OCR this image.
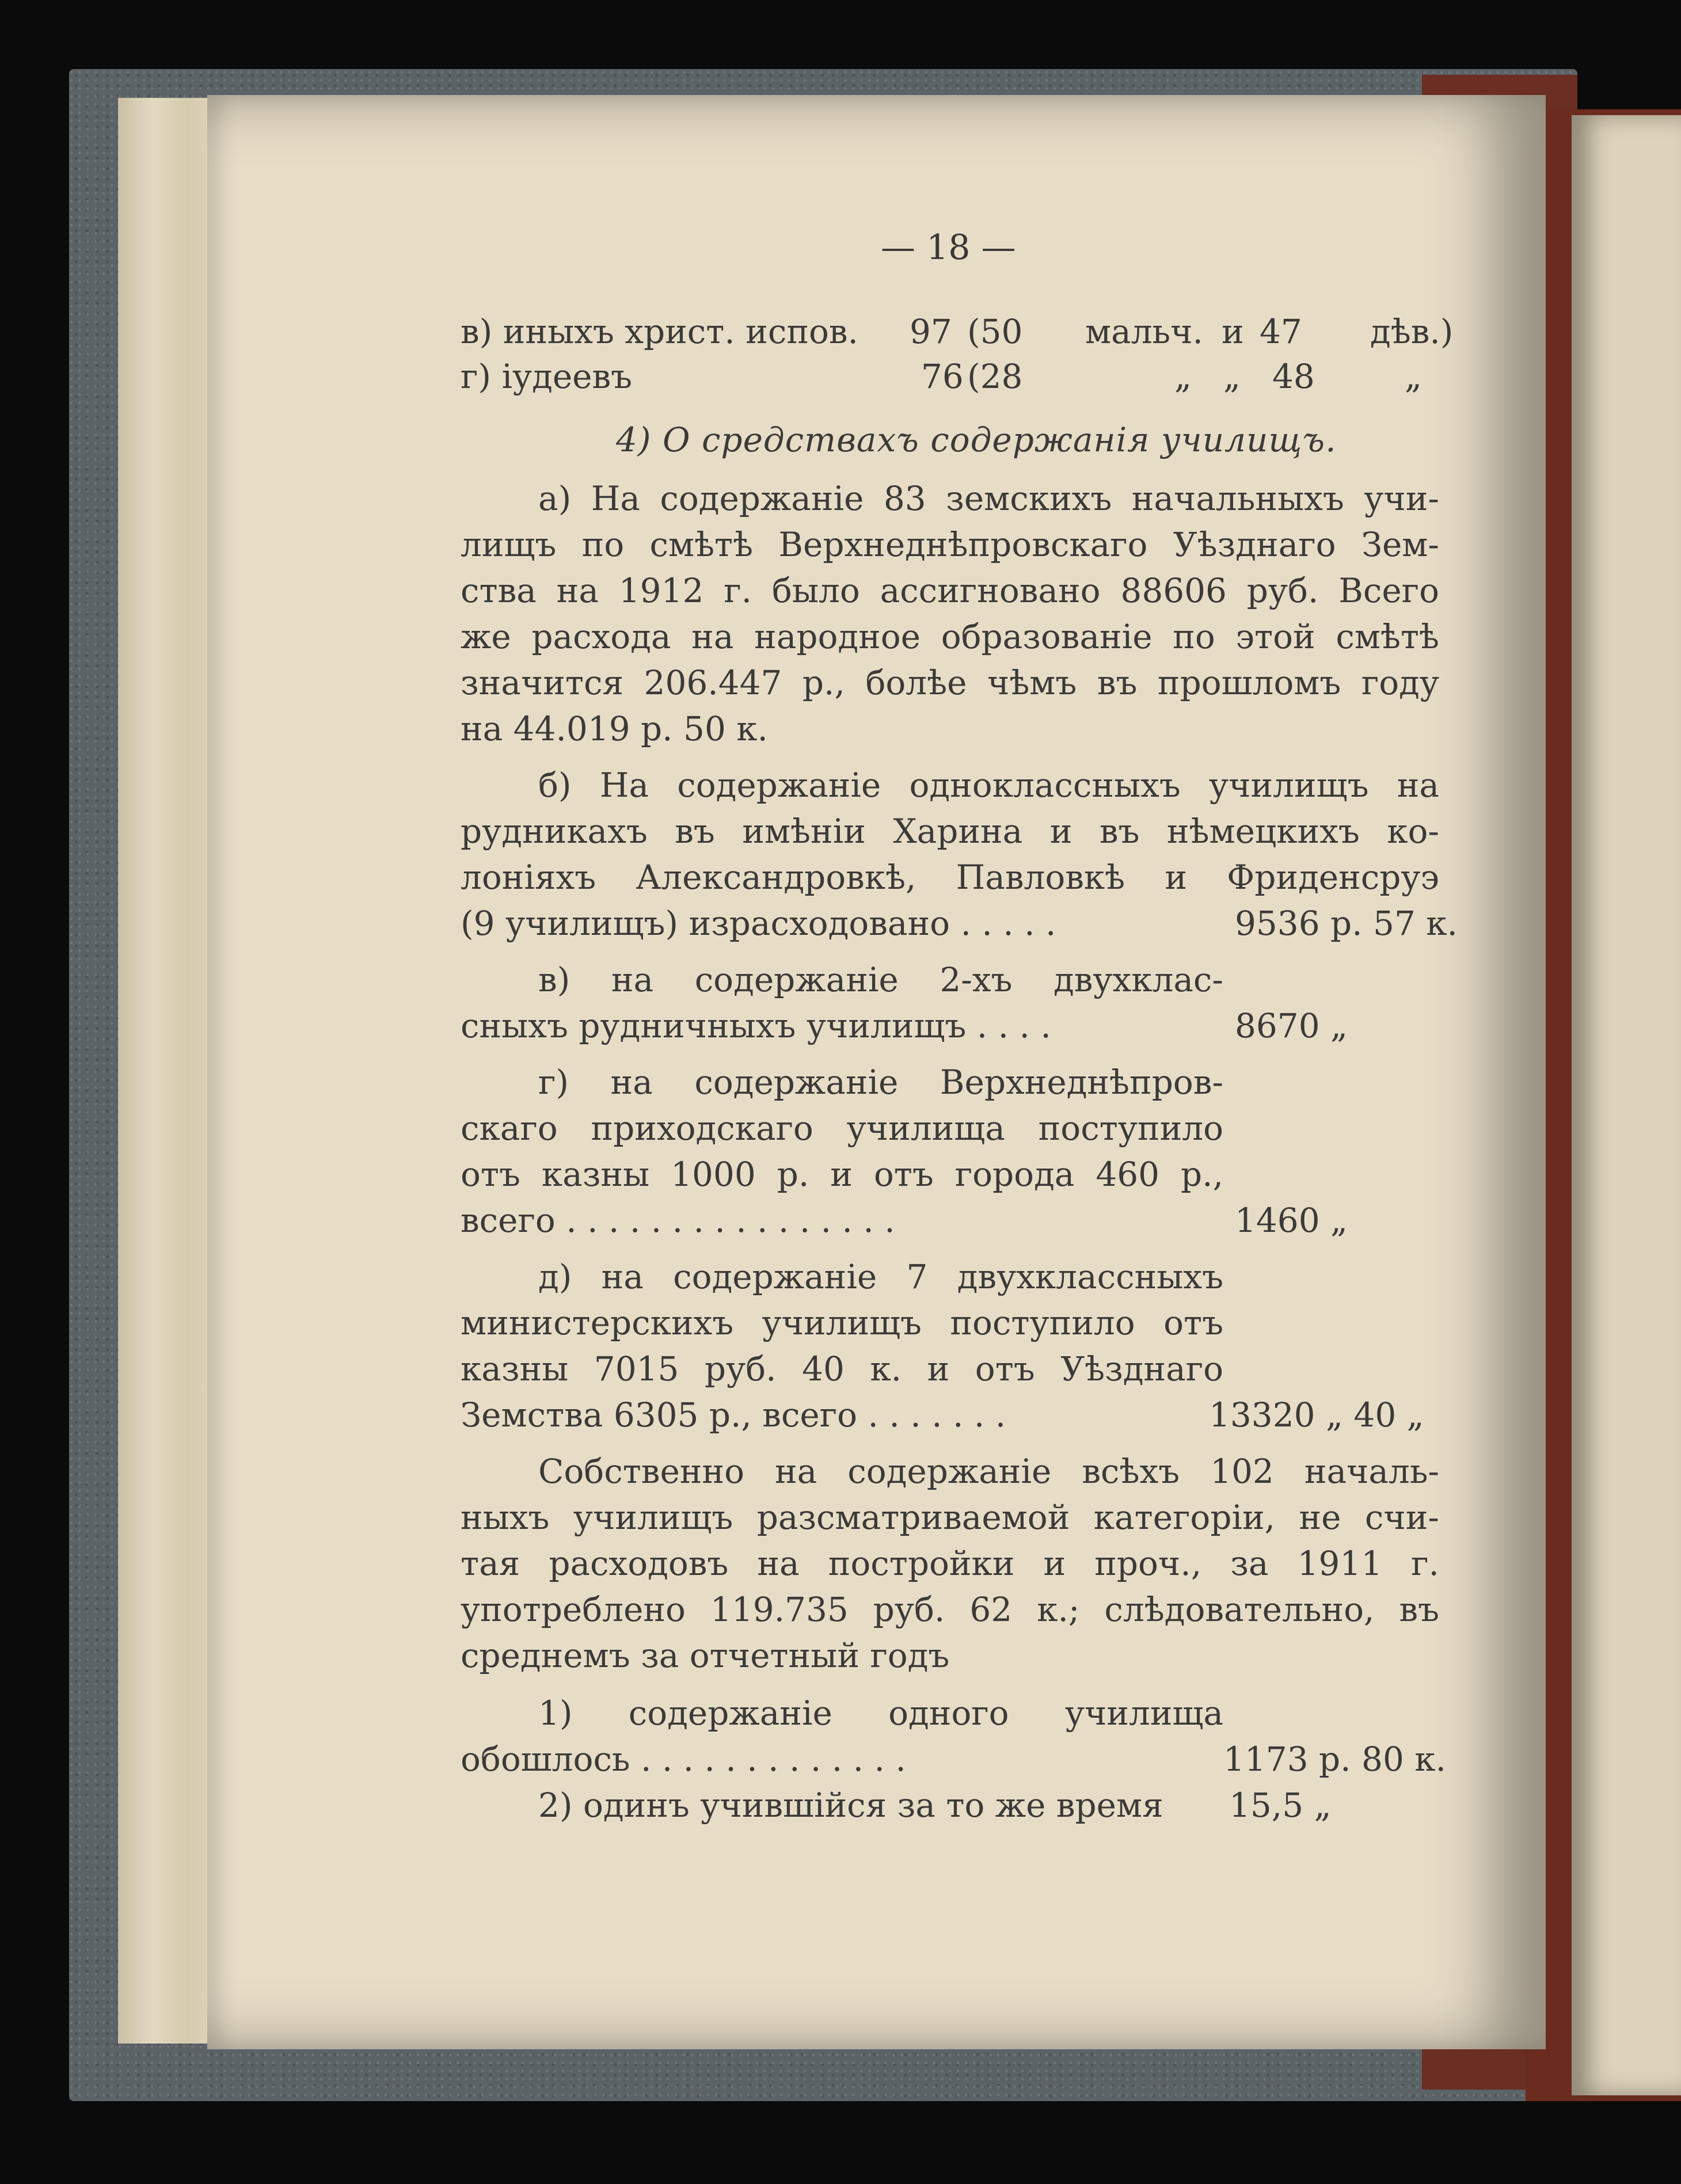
— 18 —
в) иныхъ христ. испов. 97 (50 мальч. и 47 дѣв.)
г) іудеевъ	76 (28	„ „ 48	„
4) О средствахъ содержанія училищъ.
а) На содержаніе 83 земскихъ начальныхъ учи-
лищъ по смѣтѣ Верхнеднѣпровскаго Уѣзднаго Зем-
ства на 1912 г. было ассигновано 88606 руб. Всего
же расхода на народное образованіе по этой смѣтѣ
значится 206.447 р., болѣе чѣмъ въ прошломъ году
на 44.019 р. 50 к.
б) На содержаніе одноклассныхъ училищъ на
рудникахъ въ имѣніи Харина и въ нѣмецкихъ ко-
лоніяхъ Александровкѣ, Павловкѣ и Фриденсруэ
(9 училищъ) израсходовано . . . . .	9536 р. 57 к.
в) на содержаніе 2-хъ двухклас-
сныхъ рудничныхъ училищъ . . . .	8670 „
г) на содержаніе Верхнеднѣпров-
скаго приходскаго училища поступило
отъ казны 1000 р. и отъ города 460 р.,
всего . . . . . . . . . . . . . . . .	1460 „
д) на содержаніе 7 двухклассныхъ
министерскихъ училищъ поступило отъ
казны 7015 руб. 40 к. и отъ Уѣзднаго
Земства 6305 р., всего . . . . . . .	13320 „ 40 „
Собственно на содержаніе всѣхъ 102 началь-
ныхъ училищъ разсматриваемой категоріи, не счи-
тая расходовъ на постройки и проч., за 1911 г.
употреблено 119.735 руб. 62 к.; слѣдовательно, въ
среднемъ за отчетный годъ
1) содержаніе одного училища
обошлось . . . . . . . . . . . . .	1173 р. 80 к.
2) одинъ учившійся за то же время 15,5 „
